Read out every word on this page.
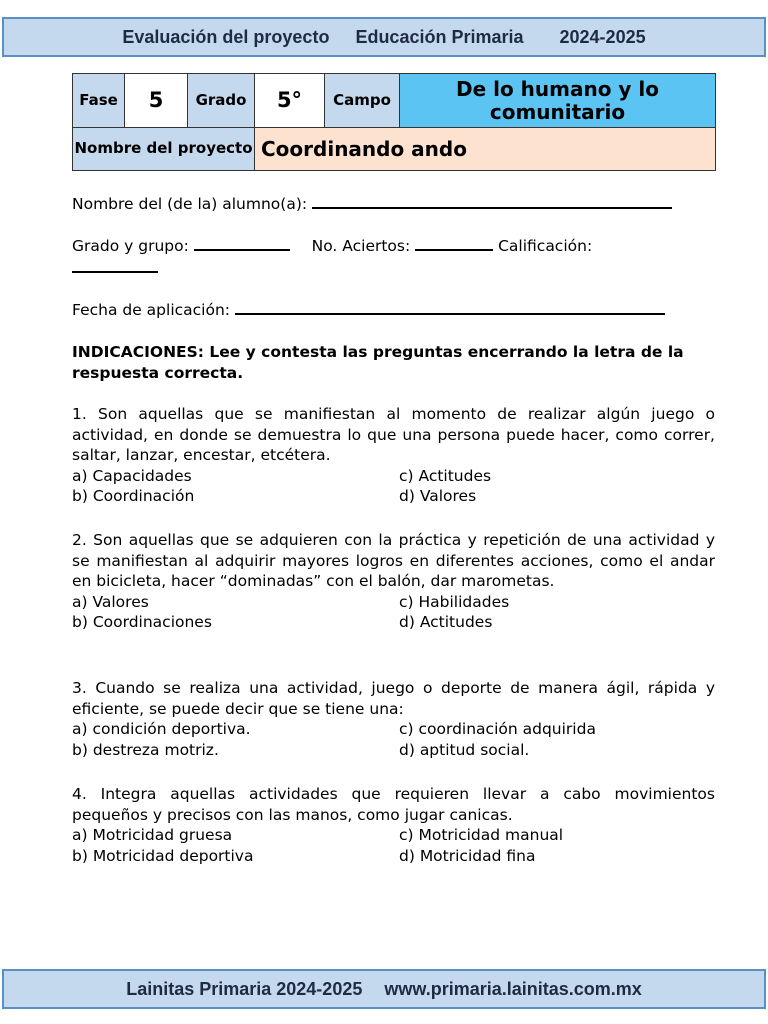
Evaluación del proyecto Educación Primaria 2024-2025
Fase	5	Grado	5°	Campo	De lo humano y lo comunitario
Nombre del proyecto			Coordinando ando		
Nombre del (de la) alumno(a):
Grado y grupo:	No. Aciertos:	Calificación:
Fecha de aplicación:
INDICACIONES: Lee y contesta las preguntas encerrando la letra de la respuesta correcta.
1. Son aquellas que se manifiestan al momento de realizar algún juego o actividad, en donde se demuestra lo que una persona puede hacer, como correr, saltar, lanzar, encestar, etcétera.
a) Capacidades	c) Actitudes
b) Coordinación	d) Valores
2. Son aquellas que se adquieren con la práctica y repetición de una actividad y se manifiestan al adquirir mayores logros en diferentes acciones, como el andar en bicicleta, hacer “dominadas” con el balón, dar marometas.
a) Valores	c) Habilidades
b) Coordinaciones	d) Actitudes
3. Cuando se realiza una actividad, juego o deporte de manera ágil, rápida y eficiente, se puede decir que se tiene una:
a) condición deportiva.	c) coordinación adquirida
b) destreza motriz.	d) aptitud social.
4. Integra aquellas actividades que requieren llevar a cabo movimientos pequeños y precisos con las manos, como jugar canicas.
a) Motricidad gruesa	c) Motricidad manual
b) Motricidad deportiva	d) Motricidad fina
Lainitas Primaria 2024-2025 www.primaria.lainitas.com.mx
